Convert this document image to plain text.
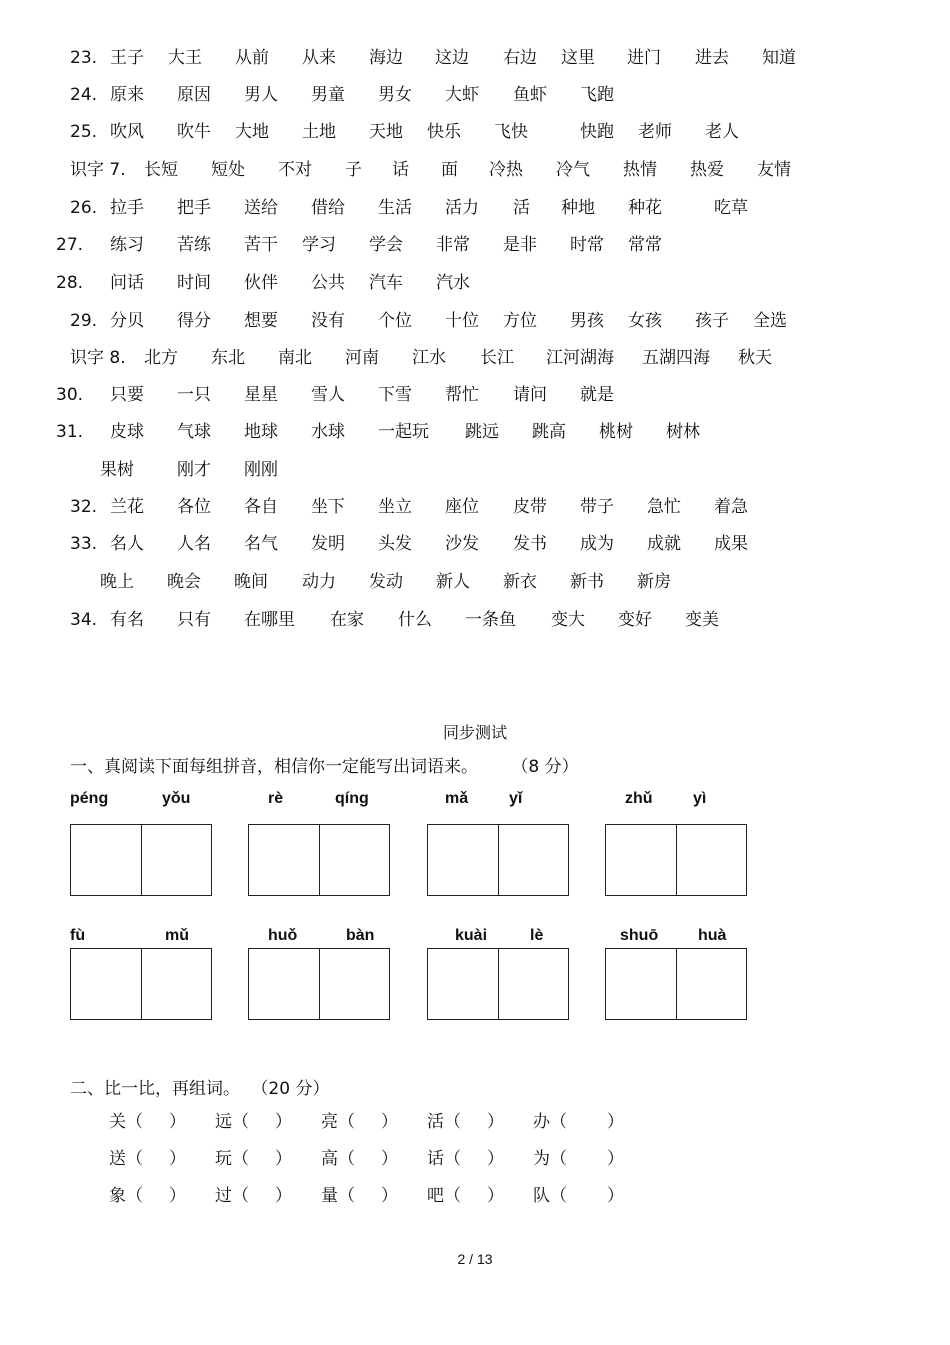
23. 王子 大王 从前 从来 海边 这边 右边 这里 进门 进去 知道
24. 原来 原因 男人 男童 男女 大虾 鱼虾 飞跑
25. 吹风 吹牛 大地 土地 天地 快乐 飞快	快跑 老师 老人
识字 7. 长短 短处 不对 子 话 面 冷热 冷气 热情 热爱 友情
26. 拉手 把手 送给 借给 生活 活力 活 种地 种花	吃草
27. 练习 苦练 苦干 学习 学会 非常 是非 时常 常常
28. 问话 时间 伙伴 公共 汽车 汽水
29. 分贝 得分 想要 没有 个位 十位 方位 男孩 女孩 孩子 全选
识字 8. 北方 东北 南北 河南 江水 长江 江河湖海 五湖四海 秋天
30. 只要 一只 星星 雪人 下雪 帮忙 请问 就是
31. 皮球 气球 地球 水球 一起玩 跳远 跳高 桃树 树林
果树	刚才 刚刚
32. 兰花 各位 各自 坐下 坐立 座位 皮带 带子 急忙 着急
33. 名人 人名 名气 发明 头发 沙发 发书 成为 成就 成果
晚上 晚会 晚间 动力 发动 新人 新衣 新书 新房
34. 有名 只有 在哪里 在家 什么 一条鱼 变大 变好 变美
同步测试
一、真阅读下面每组拼音，相信你一定能写出词语来。 （8 分）
péng	yǒu	rè	qíng	mǎ	yǐ	zhǔ	yì
fù	mǔ	huǒ	bàn	kuài	lè	shuō huà
二、比一比，再组词。 （20 分）
关（ ） 远（ ） 亮（ ） 活（ ） 办（ ）
送（ ） 玩（ ） 高（ ） 话（ ） 为（ ）
象（ ） 过（ ） 量（ ） 吧（ ） 队（ ）
2 / 13
